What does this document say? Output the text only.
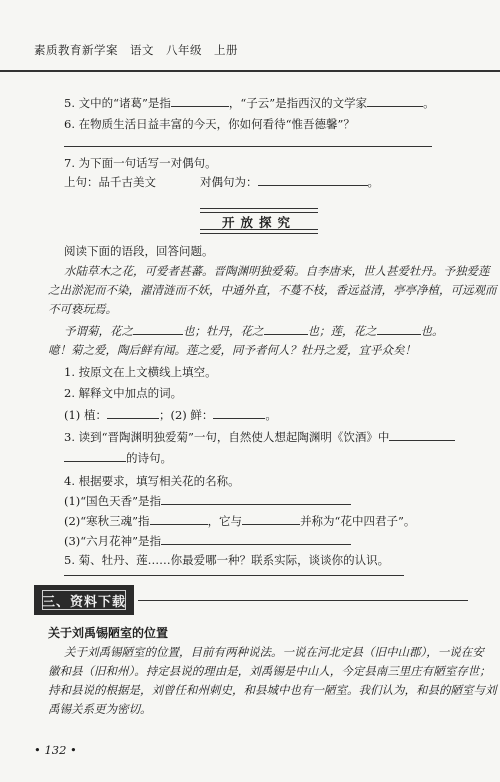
素质教育新学案　语文　八年级　上册
5. 文中的“诸葛”是指	，“子云”是指西汉的文学家	。
6. 在物质生活日益丰富的今天，你如何看待“惟吾德馨”？
7. 为下面一句话写一对偶句。
上句：品千古美文	对偶句为：	。
开放探究
阅读下面的语段，回答问题。
水陆草木之花，可爱者甚蕃。晋陶渊明独爱菊。自李唐来，世人甚爱牡丹。予独爱莲
之出淤泥而不染，濯清涟而不妖，中通外直，不蔓不枝，香远益清，亭亭净植，可远观而
不可亵玩焉。
予谓菊，花之	也；牡丹，花之	也；莲，花之	也。
噫！菊之爱，陶后鲜有闻。莲之爱，同予者何人？牡丹之爱，宜乎众矣！
1. 按原文在上文横线上填空。
2. 解释文中加点的词。
(1) 植：	；(2) 鲜：	。
3. 读到“晋陶渊明独爱菊”一句，自然使人想起陶渊明《饮酒》中
的诗句。
4. 根据要求，填写相关花的名称。
(1)“国色天香”是指
(2)“寒秋三魂”指	，它与	并称为“花中四君子”。
(3)“六月花神”是指
5. 菊、牡丹、莲……你最爱哪一种？联系实际，谈谈你的认识。
三、资料下载
关于刘禹锡陋室的位置
关于刘禹锡陋室的位置，目前有两种说法。一说在河北定县（旧中山郡），一说在安
徽和县（旧和州）。持定县说的理由是，刘禹锡是中山人，今定县南三里庄有陋室存世；
持和县说的根据是，刘曾任和州刺史，和县城中也有一陋室。我们认为，和县的陋室与刘
禹锡关系更为密切。
• 132 •
